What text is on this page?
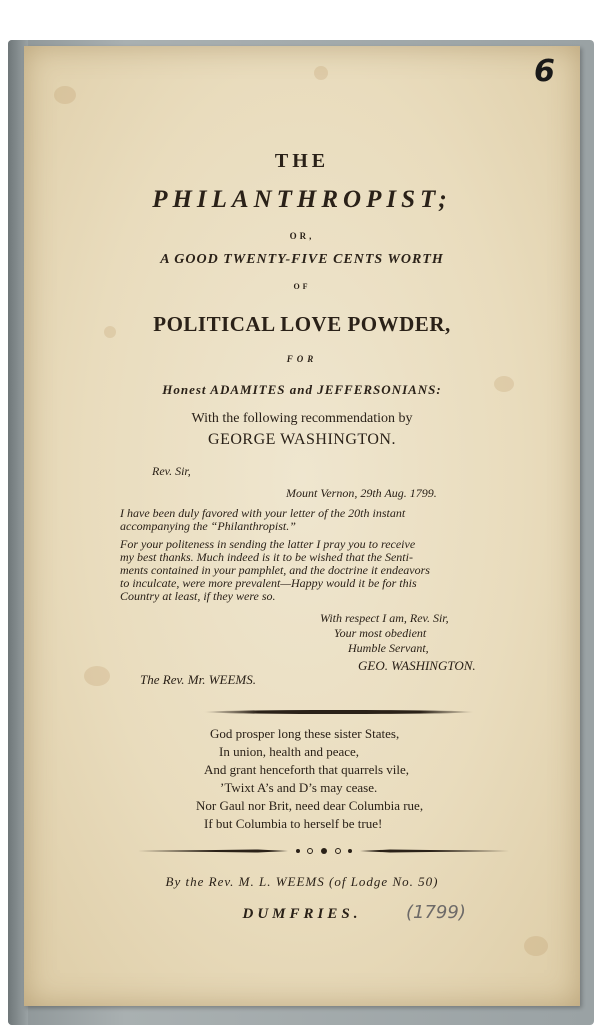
6
THE
PHILANTHROPIST;
OR,
A GOOD TWENTY-FIVE CENTS WORTH
OF
POLITICAL LOVE POWDER,
FOR
Honest ADAMITES and JEFFERSONIANS:
With the following recommendation by
GEORGE WASHINGTON.
Rev. Sir,
Mount Vernon, 29th Aug. 1799.
I have been duly favored with your letter of the 20th instant
accompanying the “Philanthropist.”
For your politeness in sending the latter I pray you to receive
my best thanks. Much indeed is it to be wished that the Senti-
ments contained in your pamphlet, and the doctrine it endeavors
to inculcate, were more prevalent—Happy would it be for this
Country at least, if they were so.
With respect I am, Rev. Sir,
Your most obedient
Humble Servant,
GEO. WASHINGTON.
The Rev. Mr. WEEMS.
God prosper long these sister States,
In union, health and peace,
And grant henceforth that quarrels vile,
’Twixt A’s and D’s may cease.
Nor Gaul nor Brit, need dear Columbia rue,
If but Columbia to herself be true!
By the Rev. M. L. WEEMS (of Lodge No. 50)
DUMFRIES.	(1799)
